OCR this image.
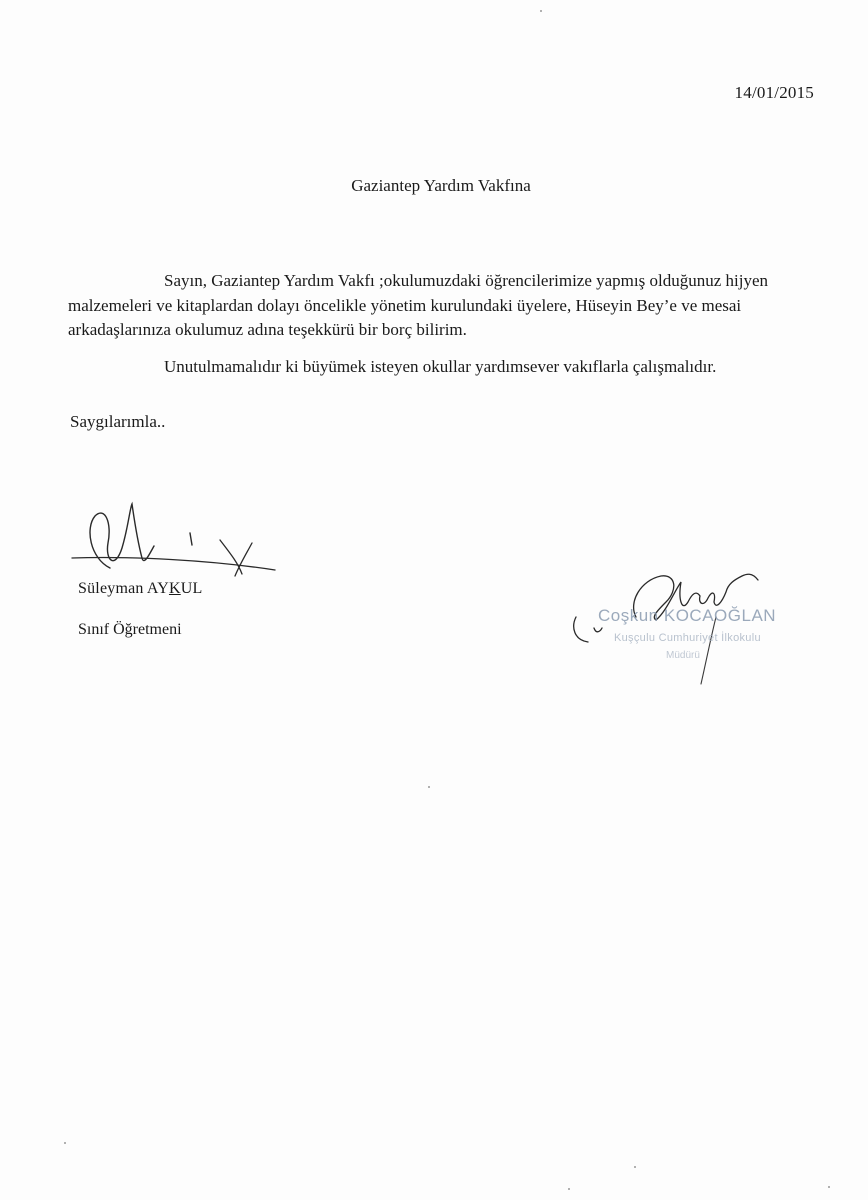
14/01/2015
Gaziantep Yardım Vakfına

Sayın, Gaziantep Yardım Vakfı ;okulumuzdaki öğrencilerimize yapmış olduğunuz hijyen malzemeleri ve kitaplardan dolayı öncelikle yönetim kurulundaki üyelere, Hüseyin Bey’e ve mesai arkadaşlarınıza okulumuz adına teşekkürü bir borç bilirim.

Unutulmamalıdır ki büyümek isteyen okullar yardımsever vakıflarla çalışmalıdır.

Saygılarımla..
Süleyman AYKUL
Sınıf Öğretmeni
Coşkun KOCAOĞLAN
Kuşçulu Cumhuriyet İlkokulu
Müdürü
